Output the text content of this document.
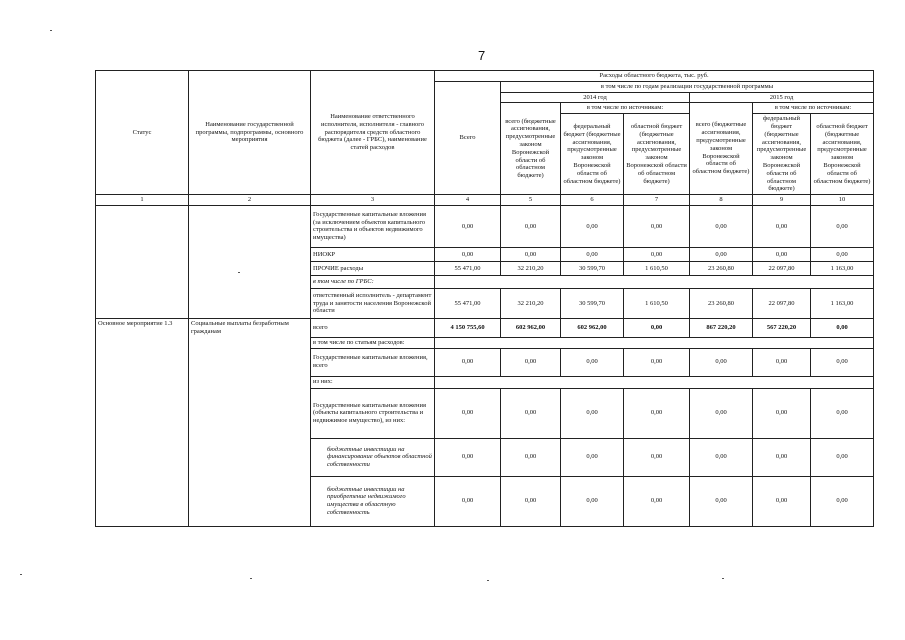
7
Статус	Наименование государственной программы, подпрограммы, основного мероприятия	Наименование ответственного исполнителя, исполнителя - главного распорядителя средств областного бюджета (далее - ГРБС), наименование статей расходов	Расходы областного бюджета, тыс. руб.						
			Всего	в том числе по годам реализации государственной программы					
				2014 год			2015 год		
				всего (бюджетные ассигнования, предусмотренные законом Воронежской области об областном бюджете)	в том числе по источникам:		всего (бюджетные ассигнования, предусмотренные законом Воронежской области об областном бюджете)	в том числе по источникам:	
					федеральный бюджет (бюджетные ассигнования, предусмотренные законом Воронежской области об областном бюджете)	областной бюджет (бюджетные ассигнования, предусмотренные законом Воронежской области об областном бюджете)		федеральный бюджет (бюджетные ассигнования, предусмотренные законом Воронежской области об областном бюджете)	областной бюджет (бюджетные ассигнования, предусмотренные законом Воронежской области об областном бюджете)

1	2	3	4	5	6	7	8	9	10
		Государственные капитальные вложения (за исключением объектов капитального строительства и объектов недвижимого имущества)	0,00	0,00	0,00	0,00	0,00	0,00	0,00
		НИОКР	0,00	0,00	0,00	0,00	0,00	0,00	0,00
		ПРОЧИЕ расходы	55 471,00	32 210,20	30 599,70	1 610,50	23 260,80	22 097,80	1 163,00
		в том числе по ГРБС:							
		ответственный исполнитель - департамент труда и занятости населения Воронежской области	55 471,00	32 210,20	30 599,70	1 610,50	23 260,80	22 097,80	1 163,00
Основное мероприятие 1.3	Социальные выплаты безработным гражданам	всего	4 150 755,60	602 962,00	602 962,00	0,00	867 220,20	567 220,20	0,00
		в том числе по статьям расходов:							
		Государственные капитальные вложения, всего	0,00	0,00	0,00	0,00	0,00	0,00	0,00
		из них:							
		Государственные капитальные вложения (объекты капитального строительства и недвижимое имущество), из них:	0,00	0,00	0,00	0,00	0,00	0,00	0,00
		бюджетные инвестиции на финансирование объектов областной собственности	0,00	0,00	0,00	0,00	0,00	0,00	0,00
		бюджетные инвестиции на приобретение недвижимого имущества в областную собственность	0,00	0,00	0,00	0,00	0,00	0,00	0,00
